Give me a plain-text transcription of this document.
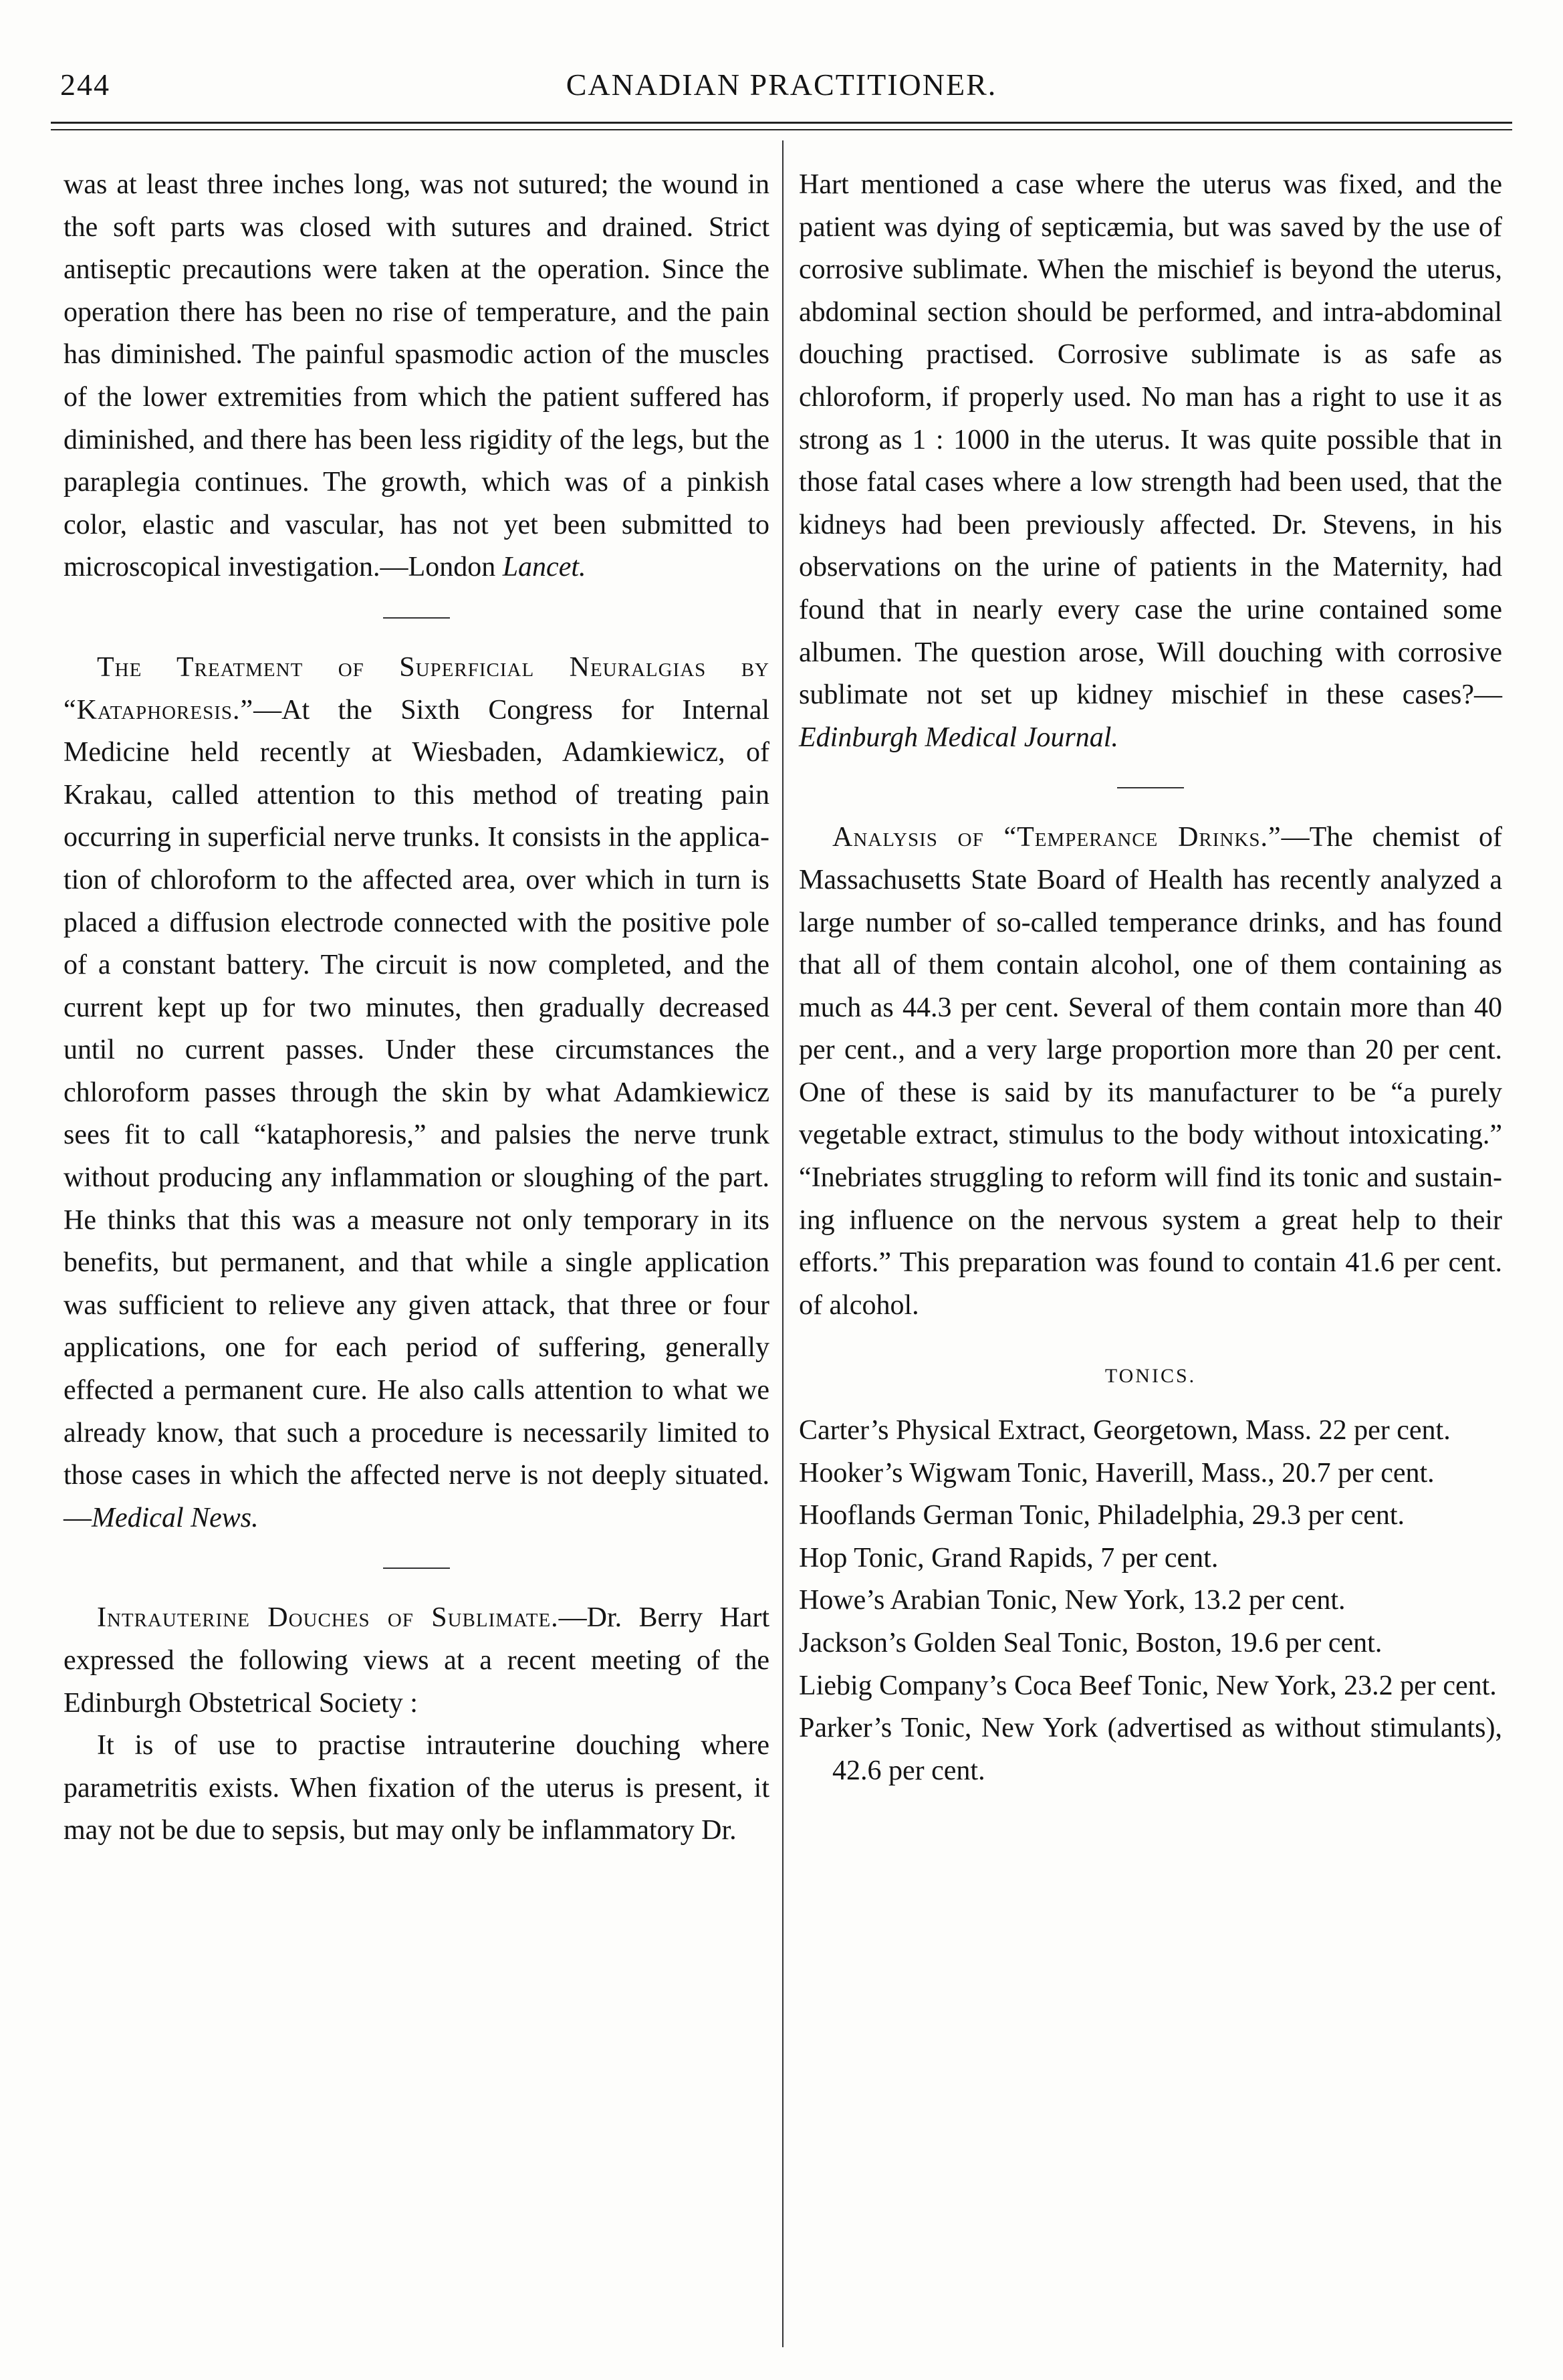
244	CANADIAN PRACTITIONER.

was at least three inches long, was not sutured; the wound in the soft parts was closed with sutures and drained. Strict antiseptic precautions were taken at the operation. Since the operation there has been no rise of temperature, and the pain has diminished. The painful spasmodic action of the muscles of the lower extremities from which the patient suffered has diminished, and there has been less rigidity of the legs, but the paraplegia continues. The growth, which was of a pinkish color, elastic and vascular, has not yet been submitted to microscopical investigation.—London Lancet.

The Treatment of Superficial Neuralgias by “Kataphoresis.”—At the Sixth Congress for Internal Medicine held recently at Wiesbaden, Adamkiewicz, of Krakau, called attention to this method of treating pain occurring in superficial nerve trunks. It consists in the application of chloroform to the affected area, over which in turn is placed a diffusion electrode connected with the positive pole of a constant battery. The circuit is now completed, and the current kept up for two minutes, then gradually decreased until no current passes. Under these circumstances the chloroform passes through the skin by what Adamkiewicz sees fit to call “kataphoresis,” and palsies the nerve trunk without producing any inflammation or sloughing of the part. He thinks that this was a measure not only temporary in its benefits, but permanent, and that while a single application was sufficient to relieve any given attack, that three or four applications, one for each period of suffering, generally effected a permanent cure. He also calls attention to what we already know, that such a procedure is necessarily limited to those cases in which the affected nerve is not deeply situated.—Medical News.

Intrauterine Douches of Sublimate.—Dr. Berry Hart expressed the following views at a recent meeting of the Edinburgh Obstetrical Society :

It is of use to practise intrauterine douching where parametritis exists. When fixation of the uterus is present, it may not be due to sepsis, but may only be inflammatory Dr.

Hart mentioned a case where the uterus was fixed, and the patient was dying of septicæmia, but was saved by the use of corrosive sublimate. When the mischief is beyond the uterus, abdominal section should be performed, and intra-abdominal douching practised. Corrosive sublimate is as safe as chloroform, if properly used. No man has a right to use it as strong as 1 : 1000 in the uterus. It was quite possible that in those fatal cases where a low strength had been used, that the kidneys had been previously affected. Dr. Stevens, in his observations on the urine of patients in the Maternity, had found that in nearly every case the urine contained some albumen. The question arose, Will douching with corrosive sublimate not set up kidney mischief in these cases?—Edinburgh Medical Journal.

Analysis of “Temperance Drinks.”—The chemist of Massachusetts State Board of Health has recently analyzed a large number of so-called temperance drinks, and has found that all of them contain alcohol, one of them containing as much as 44.3 per cent. Several of them contain more than 40 per cent., and a very large proportion more than 20 per cent. One of these is said by its manufacturer to be “a purely vegetable extract, stimulus to the body without intoxicating.” “Inebriates struggling to reform will find its tonic and sustaining influence on the nervous system a great help to their efforts.” This preparation was found to contain 41.6 per cent. of alcohol.

TONICS.

Carter’s Physical Extract, Georgetown, Mass. 22 per cent.

Hooker’s Wigwam Tonic, Haverill, Mass., 20.7 per cent.

Hooflands German Tonic, Philadelphia, 29.3 per cent.

Hop Tonic, Grand Rapids, 7 per cent.

Howe’s Arabian Tonic, New York, 13.2 per cent.

Jackson’s Golden Seal Tonic, Boston, 19.6 per cent.

Liebig Company’s Coca Beef Tonic, New York, 23.2 per cent.

Parker’s Tonic, New York (advertised as without stimulants), 42.6 per cent.
